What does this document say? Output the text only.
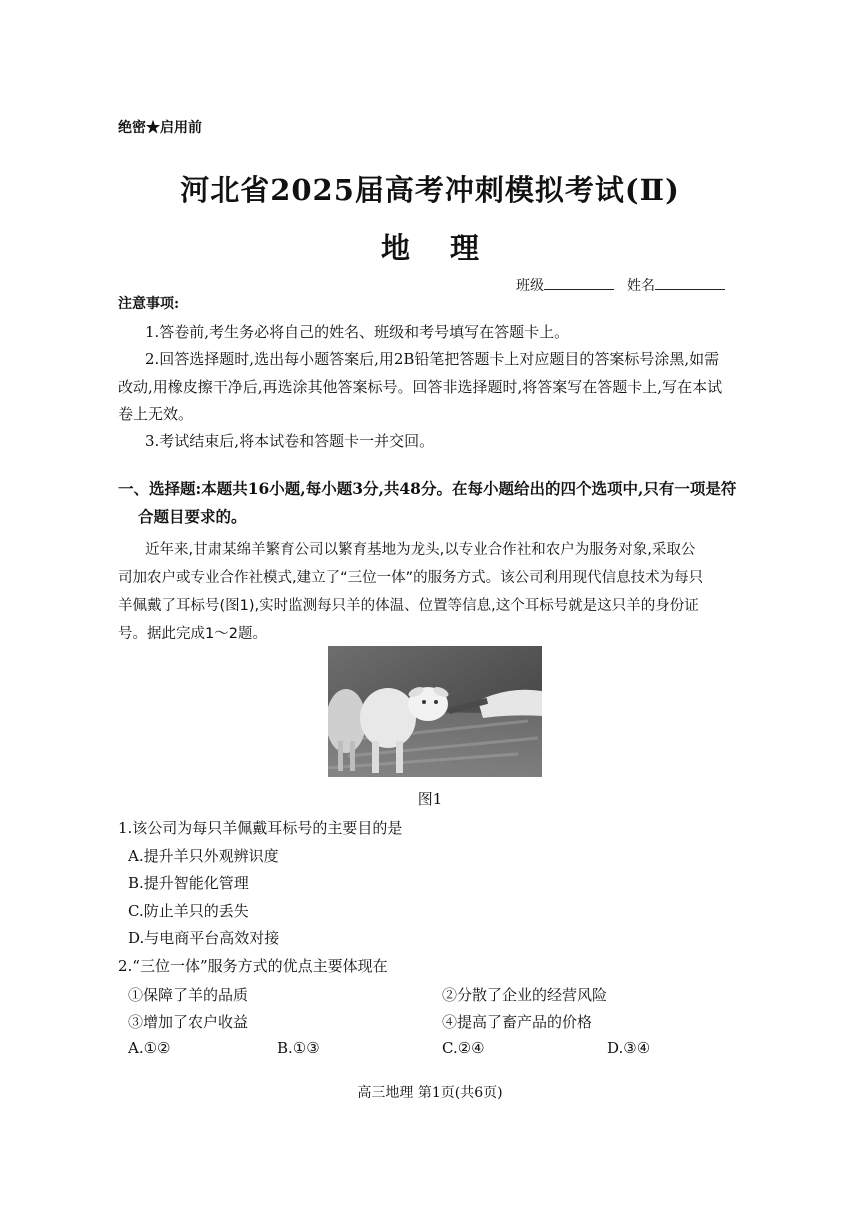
绝密★启用前
河北省2025届高考冲刺模拟考试(Ⅱ)
地 理
班级	姓名
注意事项:
1.答卷前,考生务必将自己的姓名、班级和考号填写在答题卡上。
2.回答选择题时,选出每小题答案后,用2B铅笔把答题卡上对应题目的答案标号涂黑,如需
改动,用橡皮擦干净后,再选涂其他答案标号。回答非选择题时,将答案写在答题卡上,写在本试
卷上无效。
3.考试结束后,将本试卷和答题卡一并交回。
一、选择题:本题共16小题,每小题3分,共48分。在每小题给出的四个选项中,只有一项是符
合题目要求的。
近年来,甘肃某绵羊繁育公司以繁育基地为龙头,以专业合作社和农户为服务对象,采取公
司加农户或专业合作社模式,建立了“三位一体”的服务方式。该公司利用现代信息技术为每只
羊佩戴了耳标号(图1),实时监测每只羊的体温、位置等信息,这个耳标号就是这只羊的身份证
号。据此完成1～2题。
图1
1.该公司为每只羊佩戴耳标号的主要目的是
A.提升羊只外观辨识度
B.提升智能化管理
C.防止羊只的丢失
D.与电商平台高效对接
2.“三位一体”服务方式的优点主要体现在
①保障了羊的品质	②分散了企业的经营风险
③增加了农户收益	④提高了畜产品的价格
A.①②	B.①③	C.②④	D.③④
高三地理 第1页(共6页)
